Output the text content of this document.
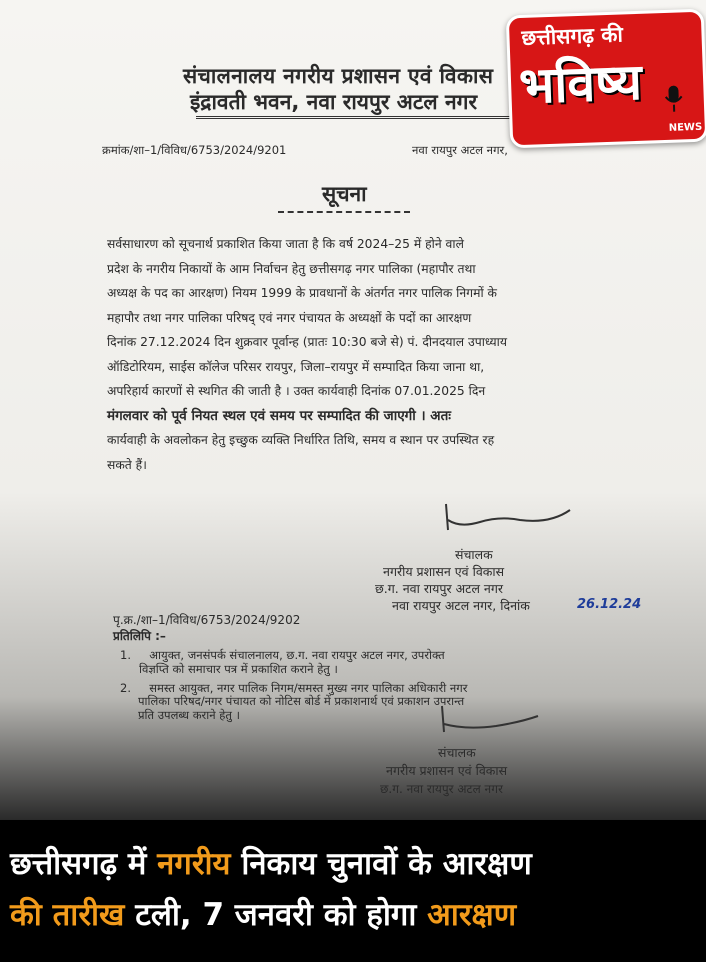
संचालनालय नगरीय प्रशासन एवं विकास
इंद्रावती भवन, नवा रायपुर अटल नगर
क्रमांक/शा–1/विविध/6753/2024/9201	नवा रायपुर अटल नगर,
सूचना

सर्वसाधारण को सूचनार्थ प्रकाशित किया जाता है कि वर्ष 2024–25 में होने वाले

प्रदेश के नगरीय निकायों के आम निर्वाचन हेतु छत्तीसगढ़ नगर पालिका (महापौर तथा

अध्यक्ष के पद का आरक्षण) नियम 1999 के प्रावधानों के अंतर्गत नगर पालिक निगमों के

महापौर तथा नगर पालिका परिषद् एवं नगर पंचायत के अध्यक्षों के पदों का आरक्षण

दिनांक 27.12.2024 दिन शुक्रवार पूर्वान्ह (प्रातः 10:30 बजे से) पं. दीनदयाल उपाध्याय

ऑडिटोरियम, साईस कॉलेज परिसर रायपुर, जिला–रायपुर में सम्पादित किया जाना था,

अपरिहार्य कारणों से स्थगित की जाती है । उक्त कार्यवाही दिनांक 07.01.2025 दिन

मंगलवार को पूर्व नियत स्थल एवं समय पर सम्पादित की जाएगी । अतः

कार्यवाही के अवलोकन हेतु इच्छुक व्यक्ति निर्धारित तिथि, समय व स्थान पर उपस्थित रह

सकते हैं।

संचालक
नगरीय प्रशासन एवं विकास
छ.ग. नवा रायपुर अटल नगर
नवा रायपुर अटल नगर, दिनांक	26.12.24
पृ.क्र./शा–1/विविध/6753/2024/9202
प्रतिलिपि :–
1. आयुक्त, जनसंपर्क संचालनालय, छ.ग. नवा रायपुर अटल नगर, उपरोक्त
विज्ञप्ति को समाचार पत्र में प्रकाशित कराने हेतु ।
2. समस्त आयुक्त, नगर पालिक निगम/समस्त मुख्य नगर पालिका अधिकारी नगर
पालिका परिषद/नगर पंचायत को नोटिस बोर्ड में प्रकाशनार्थ एवं प्रकाशन उपरान्त
प्रति उपलब्ध कराने हेतु ।
संचालक
नगरीय प्रशासन एवं विकास
छ.ग. नवा रायपुर अटल नगर
छत्तीसगढ़ की
भविष्य
NEWS
छत्तीसगढ़ में नगरीय निकाय चुनावों के आरक्षण
की तारीख टली, 7 जनवरी को होगा आरक्षण
